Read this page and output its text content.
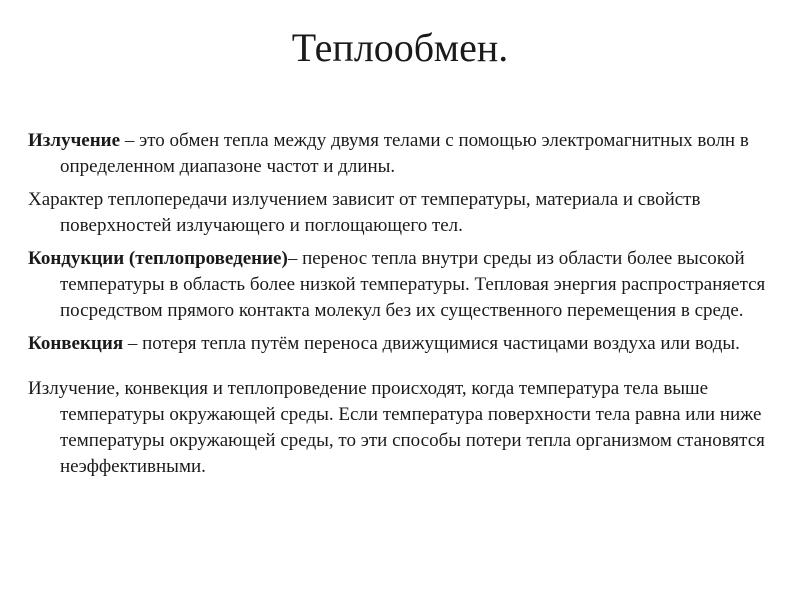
Теплообмен.

Излучение – это обмен тепла между двумя телами с помощью электромагнитных волн в определенном диапазоне частот и длины.

Характер теплопередачи излучением зависит от температуры, материала и свойств поверхностей излучающего и поглощающего тел.

Кондукции (теплопроведение)– перенос тепла внутри среды из области более высокой температуры в область более низкой температуры. Тепловая энергия распространяется посредством прямого контакта молекул без их существенного перемещения в среде.

Конвекция – потеря тепла путём переноса движущимися частицами воздуха или воды.

Излучение, конвекция и теплопроведение происходят, когда температура тела выше температуры окружающей среды. Если температура поверхности тела равна или ниже температуры окружающей среды, то эти способы потери тепла организмом становятся неэффективными.
